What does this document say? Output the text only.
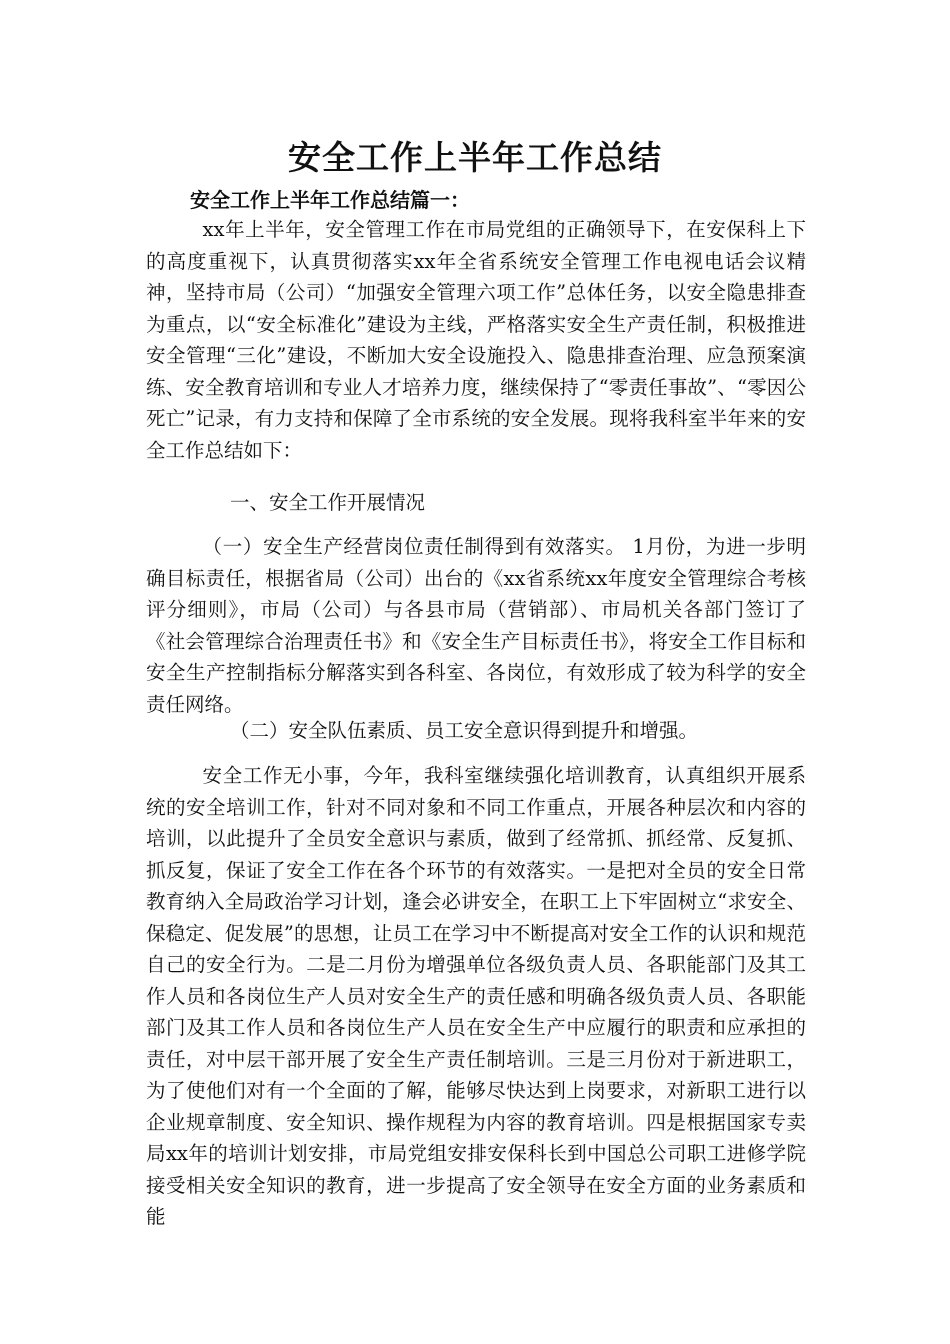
安全工作上半年工作总结
安全工作上半年工作总结篇一：

xx年上半年，安全管理工作在市局党组的正确领导下，在安保科上下的高度重视下，认真贯彻落实xx年全省系统安全管理工作电视电话会议精神，坚持市局（公司）“加强安全管理六项工作”总体任务，以安全隐患排查为重点，以“安全标准化”建设为主线，严格落实安全生产责任制，积极推进安全管理“三化”建设，不断加大安全设施投入、隐患排查治理、应急预案演练、安全教育培训和专业人才培养力度，继续保持了“零责任事故”、“零因公死亡”记录，有力支持和保障了全市系统的安全发展。现将我科室半年来的安全工作总结如下：

一、安全工作开展情况

（一）安全生产经营岗位责任制得到有效落实。 1月份，为进一步明确目标责任，根据省局（公司）出台的《xx省系统xx年度安全管理综合考核评分细则》，市局（公司）与各县市局（营销部）、市局机关各部门签订了《社会管理综合治理责任书》和《安全生产目标责任书》，将安全工作目标和安全生产控制指标分解落实到各科室、各岗位，有效形成了较为科学的安全责任网络。

（二）安全队伍素质、员工安全意识得到提升和增强。

安全工作无小事，今年，我科室继续强化培训教育，认真组织开展系统的安全培训工作，针对不同对象和不同工作重点，开展各种层次和内容的培训，以此提升了全员安全意识与素质，做到了经常抓、抓经常、反复抓、抓反复，保证了安全工作在各个环节的有效落实。一是把对全员的安全日常教育纳入全局政治学习计划，逢会必讲安全，在职工上下牢固树立“求安全、保稳定、促发展”的思想，让员工在学习中不断提高对安全工作的认识和规范自己的安全行为。二是二月份为增强单位各级负责人员、各职能部门及其工作人员和各岗位生产人员对安全生产的责任感和明确各级负责人员、各职能部门及其工作人员和各岗位生产人员在安全生产中应履行的职责和应承担的责任，对中层干部开展了安全生产责任制培训。三是三月份对于新进职工，为了使他们对有一个全面的了解，能够尽快达到上岗要求，对新职工进行以企业规章制度、安全知识、操作规程为内容的教育培训。四是根据国家专卖局xx年的培训计划安排，市局党组安排安保科长到中国总公司职工进修学院接受相关安全知识的教育，进一步提高了安全领导在安全方面的业务素质和能
